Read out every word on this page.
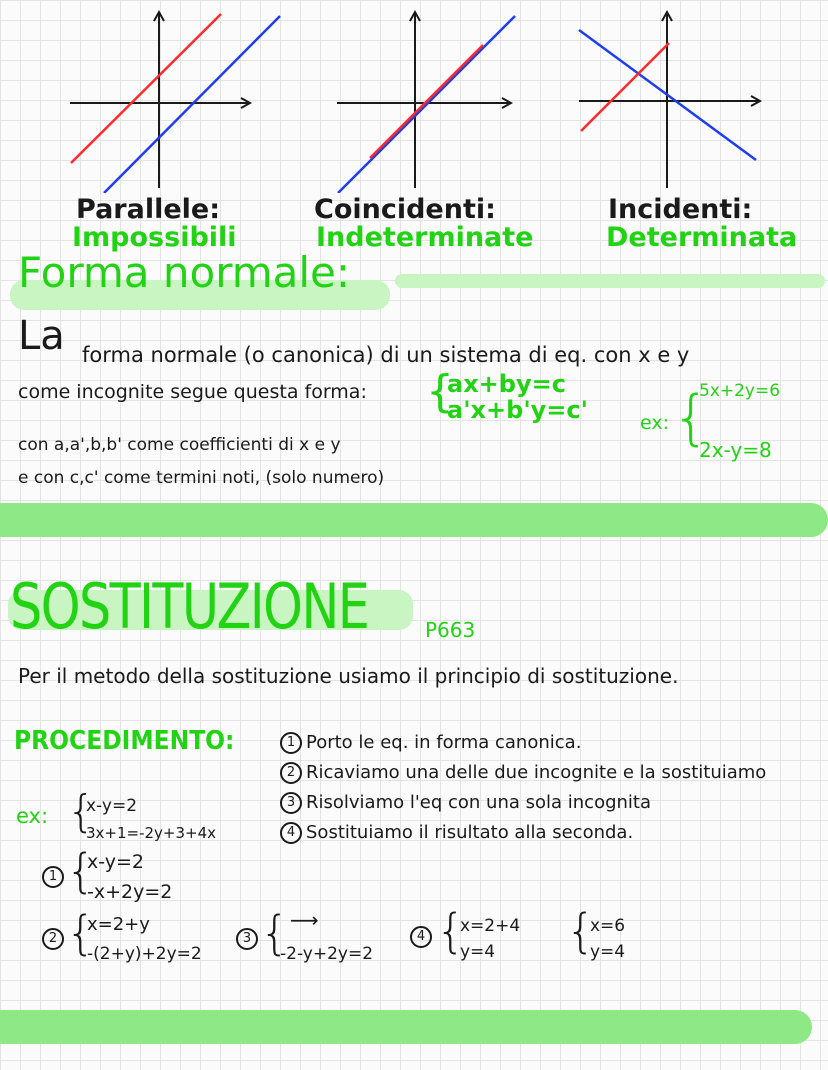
Parallele:
Impossibili
Coincidenti:
Indeterminate
Incidenti:
Determinata
Forma normale:
La forma normale (o canonica) di un sistema di eq. con x e y
come incognite segue questa forma: {
ax+by=c
a'x+b'y=c'	ex: {
5x+2y=6
2x-y=8
con a,a',b,b' come coefficienti di x e y
e con c,c' come termini noti, (solo numero)
SOSTITUZIONE	P663
Per il metodo della sostituzione usiamo il principio di sostituzione.
PROCEDIMENTO:	1 Porto le eq. in forma canonica.
2 Ricaviamo una delle due incognite e la sostituiamo
3 Risolviamo l'eq con una sola incognita
4 Sostituiamo il risultato alla seconda.
ex: {
x-y=2
3x+1=-2y+3+4x
1 {
x-y=2
-x+2y=2
2 {
x=2+y
-(2+y)+2y=2
3 { ⟶
-2-y+2y=2
4 {
x=2+4
y=4 {
x=6
y=4
